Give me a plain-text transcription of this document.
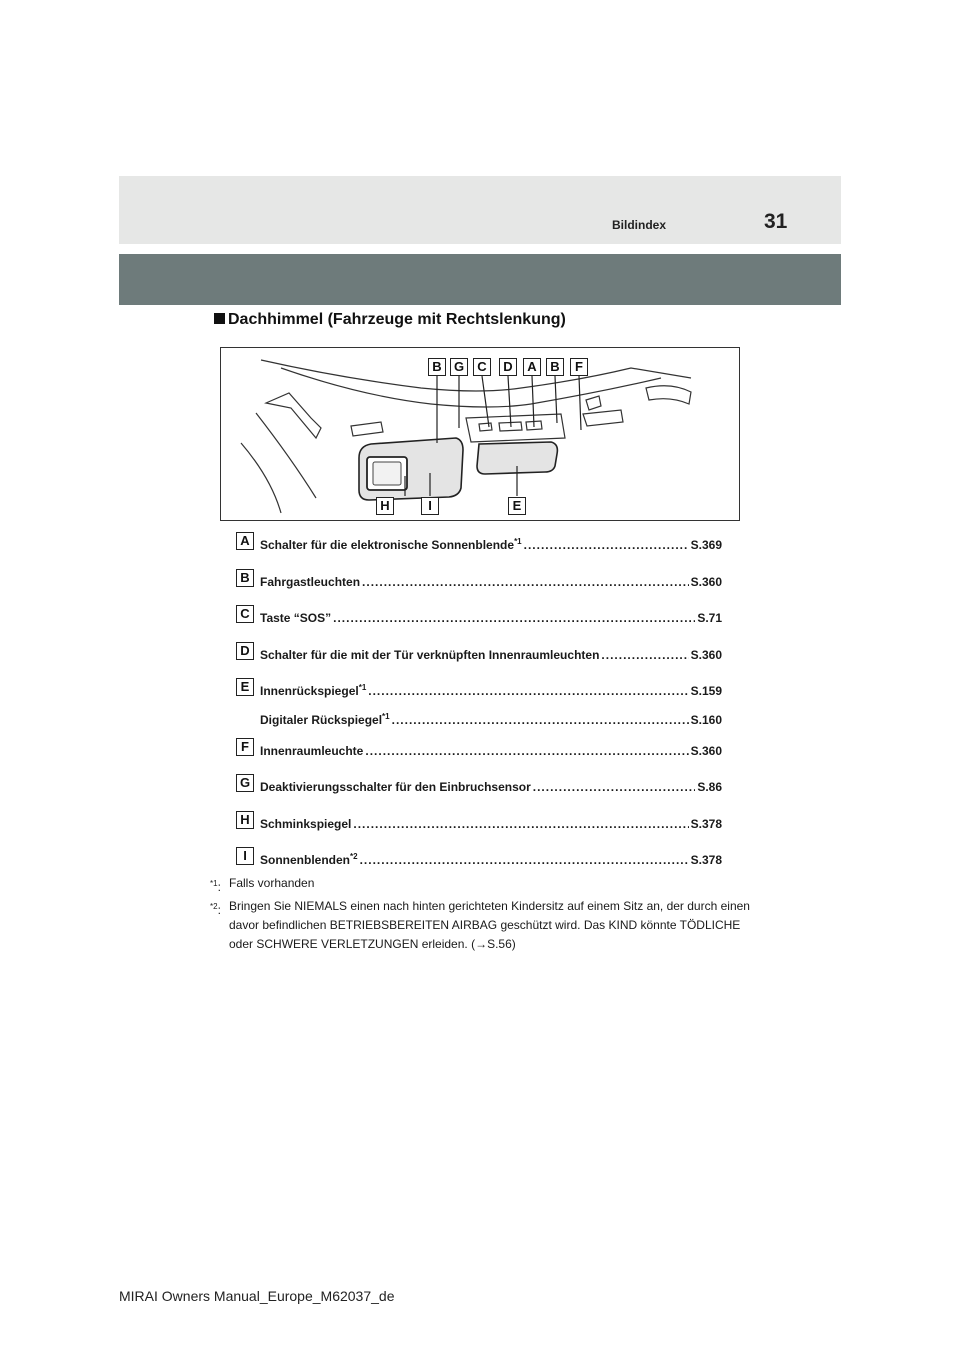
Bildindex	31
Dachhimmel (Fahrzeuge mit Rechtslenkung)
B G	C	D	A	B	F
H	I	E
A Schalter für die elektronische Sonnenblende$^{*1}$ .....	S.369
B Fahrgastleuchten .....	S.360
C Taste “SOS” .....	S.71
D Schalter für die mit der Tür verknüpften Innenraumleuchten .....	S.360
E Innenrückspiegel$^{*1}$ .....	S.159
Digitaler Rückspiegel$^{*1}$ .....	S.160
F Innenraumleuchte .....	S.360
G Deaktivierungsschalter für den Einbruchsensor .....	S.86
H Schminkspiegel .....	S.378
I	Sonnenblenden$^{*2}$ .....	S.378
$^{*1}$: Falls vorhanden
$^{*2}$: Bringen Sie NIEMALS einen nach hinten gerichteten Kindersitz auf einem Sitz an, der durch einen davor befindlichen BETRIEBSBEREITEN AIRBAG geschützt wird. Das KIND könnte TÖDLICHE oder SCHWERE VERLETZUNGEN erleiden. (→S.56)
MIRAI Owners Manual_Europe_M62037_de
